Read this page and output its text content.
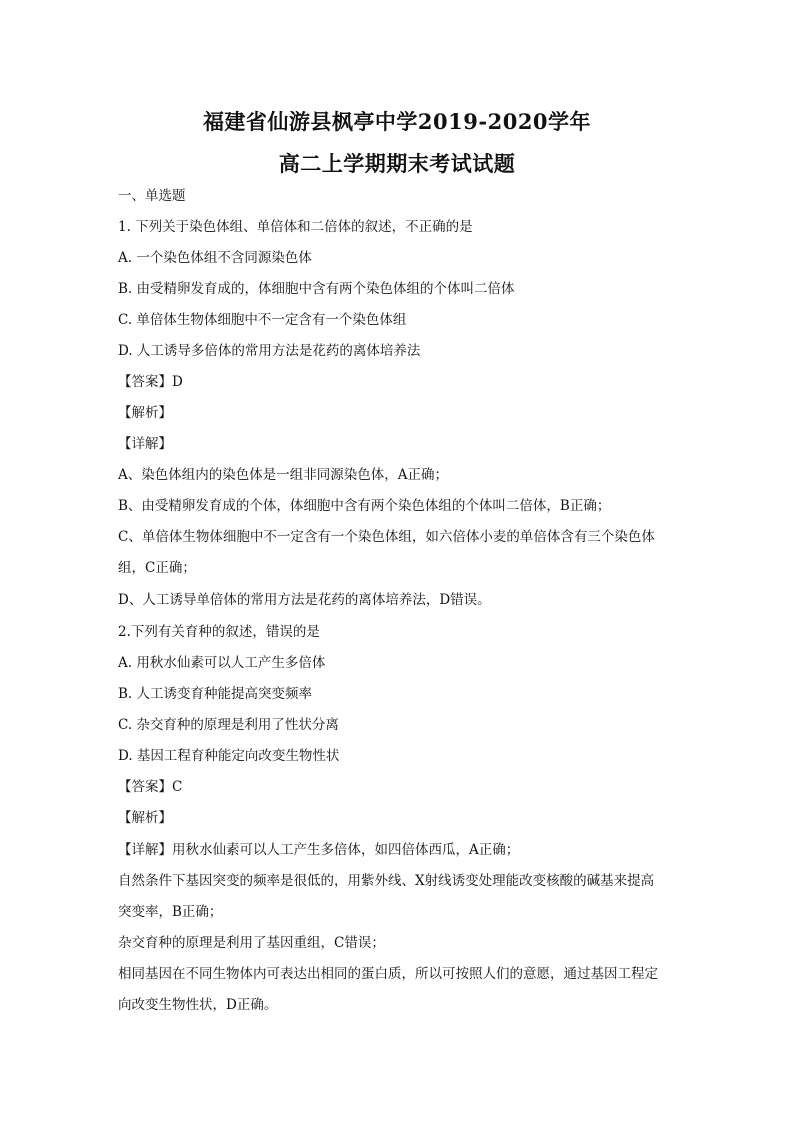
福建省仙游县枫亭中学2019-2020学年
高二上学期期末考试试题
一、单选题
1. 下列关于染色体组、单倍体和二倍体的叙述，不正确的是
A. 一个染色体组不含同源染色体
B. 由受精卵发育成的，体细胞中含有两个染色体组的个体叫二倍体
C. 单倍体生物体细胞中不一定含有一个染色体组
D. 人工诱导多倍体的常用方法是花药的离体培养法
【答案】D
【解析】
【详解】
A、染色体组内的染色体是一组非同源染色体，A正确；
B、由受精卵发育成的个体，体细胞中含有两个染色体组的个体叫二倍体，B正确；
C、单倍体生物体细胞中不一定含有一个染色体组，如六倍体小麦的单倍体含有三个染色体
组，C正确；
D、人工诱导单倍体的常用方法是花药的离体培养法，D错误。
2.下列有关育种的叙述，错误的是
A. 用秋水仙素可以人工产生多倍体
B. 人工诱变育种能提高突变频率
C. 杂交育种的原理是利用了性状分离
D. 基因工程育种能定向改变生物性状
【答案】C
【解析】
【详解】用秋水仙素可以人工产生多倍体，如四倍体西瓜，A正确；
自然条件下基因突变的频率是很低的，用紫外线、X射线诱变处理能改变核酸的碱基来提高
突变率，B正确；
杂交育种的原理是利用了基因重组，C错误；
相同基因在不同生物体内可表达出相同的蛋白质，所以可按照人们的意愿，通过基因工程定
向改变生物性状，D正确。
